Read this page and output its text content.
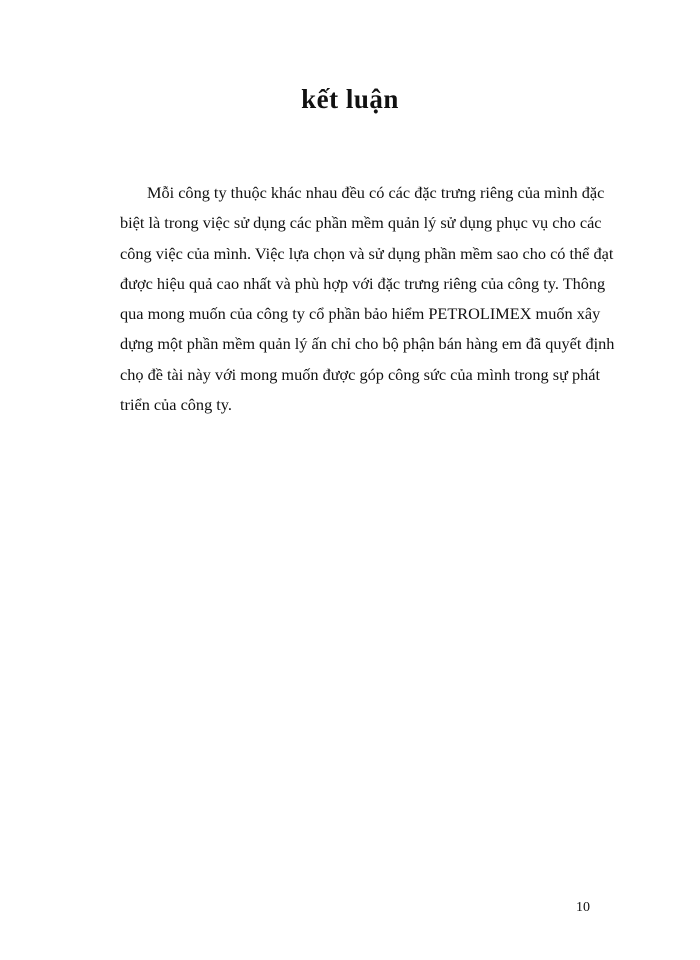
kết luận
Mỗi công ty thuộc khác nhau đều có các đặc trưng riêng của mình đặc
biệt là trong việc sử dụng các phần mềm quản lý sử dụng phục vụ cho các
công việc của mình. Việc lựa chọn và sử dụng phần mềm sao cho có thể đạt
được hiệu quả cao nhất và phù hợp với đặc trưng riêng của công ty. Thông
qua mong muốn của công ty cổ phần bảo hiểm PETROLIMEX muốn xây
dựng một phần mềm quản lý ấn chỉ cho bộ phận bán hàng em đã quyết định
chọ đề tài này với mong muốn được góp công sức của mình trong sự phát
triển của công ty.

10
